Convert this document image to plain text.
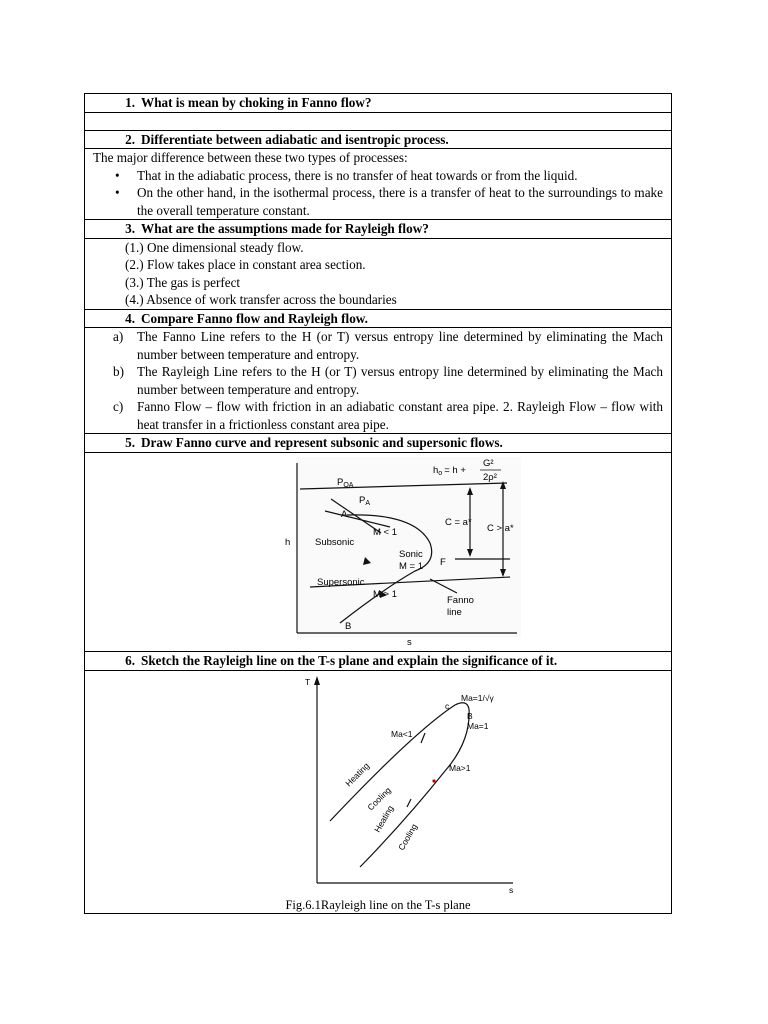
1. What is mean by choking in Fanno flow?

2. Differentiate between adiabatic and isentropic process.

The major difference between these two types of processes:
• That in the adiabatic process, there is no transfer of heat towards or from the liquid.
• On the other hand, in the isothermal process, there is a transfer of heat to the surroundings to make the overall temperature constant.

3. What are the assumptions made for Rayleigh flow?

(1.) One dimensional steady flow.
(2.) Flow takes place in constant area section.
(3.) The gas is perfect
(4.) Absence of work transfer across the boundaries

4. Compare Fanno flow and Rayleigh flow.

a) The Fanno Line refers to the H (or T) versus entropy line determined by eliminating the Mach number between temperature and entropy.
b) The Rayleigh Line refers to the H (or T) versus entropy line determined by eliminating the Mach number between temperature and entropy.
c) Fanno Flow – flow with friction in an adiabatic constant area pipe. 2. Rayleigh Flow – flow with heat transfer in a frictionless constant area pipe.

5. Draw Fanno curve and represent subsonic and supersonic flows.

$h_o = h$ +
G²
2ρ²
$P_{OA}$
$P_A$
A
C = a*
C > a*
h	Subsonic
M < 1
Sonic
M = 1 F
Supersonic
M > 1
Fanno
line
B
s

6. Sketch the Rayleigh line on the T-s plane and explain the significance of it.

T
s
c
Ma=1/√γ
B
Ma=1
Ma<1
Ma>1
Heating
Cooling
Heating
Cooling
Fig.6.1Rayleigh line on the T-s plane
